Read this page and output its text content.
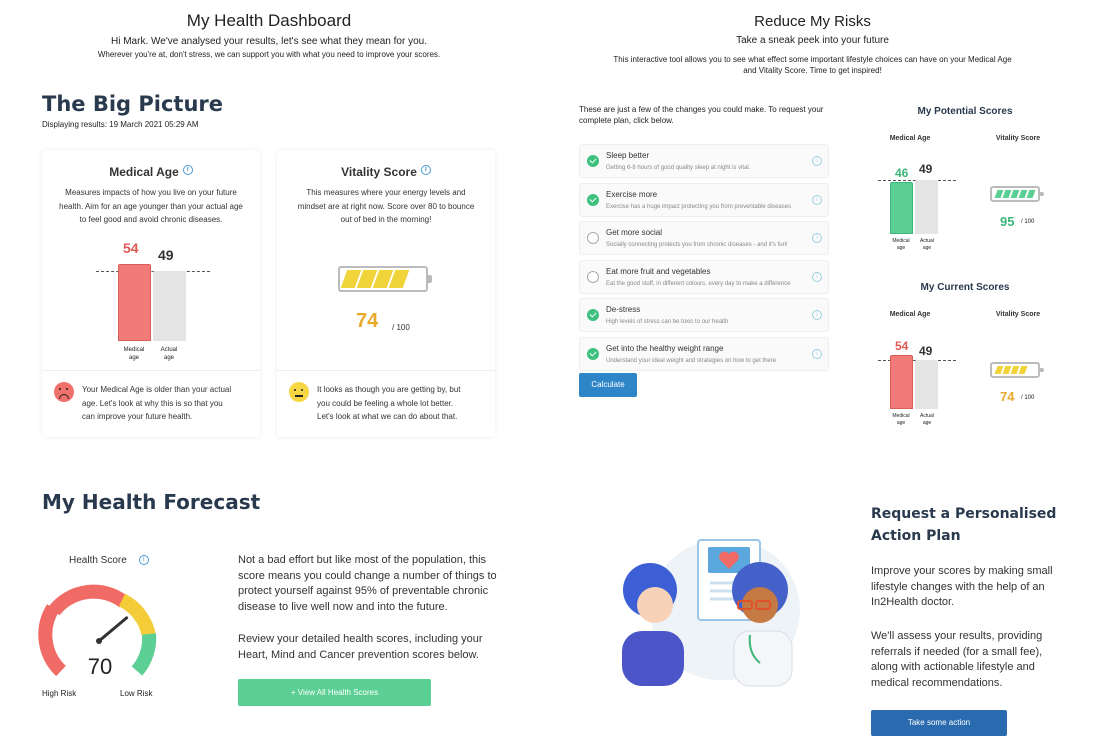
My Health Dashboard
Hi Mark. We've analysed your results, let's see what they mean for you.
Wherever you're at, don't stress, we can support you with what you need to improve your scores.
The Big Picture
Displaying results: 19 March 2021 05:29 AM
Medical Age i
Measures impacts of how you live on your future
health. Aim for an age younger than your actual age
to feel good and avoid chronic diseases.
54 49
Medical
age
Actual
age
Your Medical Age is older than your actual
age. Let's look at why this is so that you
can improve your future health.
Vitality Score i
This measures where your energy levels and
mindset are at right now. Score over 80 to bounce
out of bed in the morning!
74 / 100
It looks as though you are getting by, but
you could be feeling a whole lot better.
Let's look at what we can do about that.
Reduce My Risks
Take a sneak peek into your future
This interactive tool allows you to see what effect some important lifestyle choices can have on your Medical Age
and Vitality Score. Time to get inspired!
These are just a few of the changes you could make. To request your
complete plan, click below.
Sleep better
Getting 6-8 hours of good quality sleep at night is vital.
i
Exercise more
Exercise has a huge impact protecting you from preventable diseases
i
Get more social
Socially connecting protects you from chronic diseases - and it's fun!
i
Eat more fruit and vegetables
Eat the good stuff, in different colours, every day to make a difference
i
De-stress
High levels of stress can be toxic to our health
i
Get into the healthy weight range
Understand your ideal weight and strategies on how to get there
i
Calculate
My Potential Scores
Medical Age	Vitality Score
46 49
Medical
age
Actual
age
95 / 100
My Current Scores
Medical Age	Vitality Score
54 49
Medical
age
Actual
age
74 / 100
My Health Forecast
Health Score i
70
High Risk	Low Risk
Not a bad effort but like most of the population, this
score means you could change a number of things to
protect yourself against 95% of preventable chronic
disease to live well now and into the future.
Review your detailed health scores, including your
Heart, Mind and Cancer prevention scores below.
+ View All Health Scores
Request a Personalised
Action Plan
Improve your scores by making small
lifestyle changes with the help of an
In2Health doctor.
We'll assess your results, providing
referrals if needed (for a small fee),
along with actionable lifestyle and
medical recommendations.
Take some action
